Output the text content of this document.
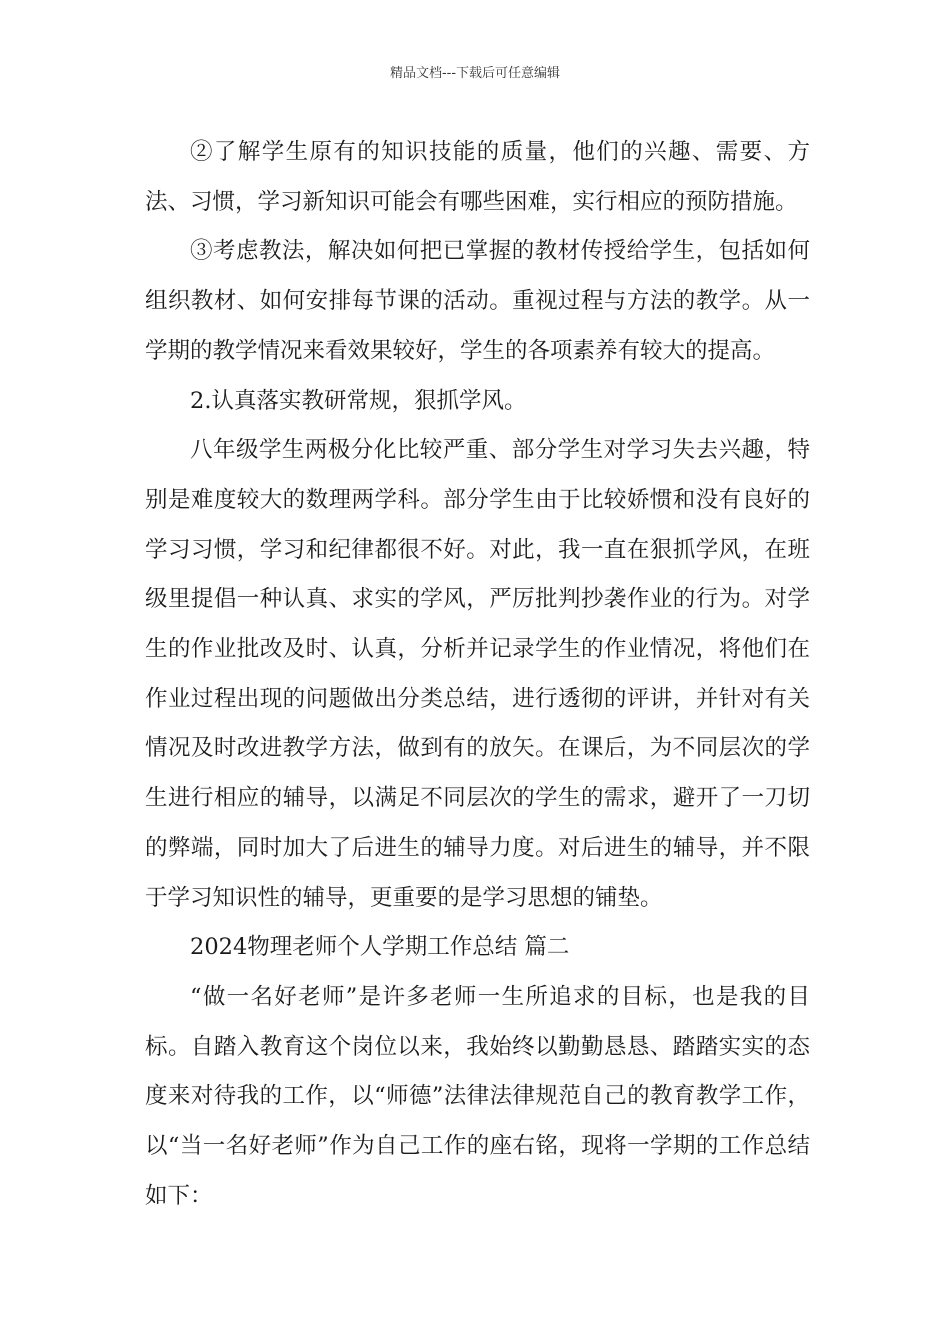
精品文档---下载后可任意编辑

②了解学生原有的知识技能的质量，他们的兴趣、需要、方法、习惯，学习新知识可能会有哪些困难，实行相应的预防措施。

③考虑教法，解决如何把已掌握的教材传授给学生，包括如何组织教材、如何安排每节课的活动。重视过程与方法的教学。从一学期的教学情况来看效果较好，学生的各项素养有较大的提高。

2.认真落实教研常规，狠抓学风。

八年级学生两极分化比较严重、部分学生对学习失去兴趣，特别是难度较大的数理两学科。部分学生由于比较娇惯和没有良好的学习习惯，学习和纪律都很不好。对此，我一直在狠抓学风，在班级里提倡一种认真、求实的学风，严厉批判抄袭作业的行为。对学生的作业批改及时、认真，分析并记录学生的作业情况，将他们在作业过程出现的问题做出分类总结，进行透彻的评讲，并针对有关情况及时改进教学方法，做到有的放矢。在课后，为不同层次的学生进行相应的辅导，以满足不同层次的学生的需求，避开了一刀切的弊端，同时加大了后进生的辅导力度。对后进生的辅导，并不限于学习知识性的辅导，更重要的是学习思想的铺垫。

2024物理老师个人学期工作总结 篇二

“做一名好老师”是许多老师一生所追求的目标，也是我的目标。自踏入教育这个岗位以来，我始终以勤勤恳恳、踏踏实实的态度来对待我的工作，以“师德”法律法律规范自己的教育教学工作，以“当一名好老师”作为自己工作的座右铭，现将一学期的工作总结如下：
